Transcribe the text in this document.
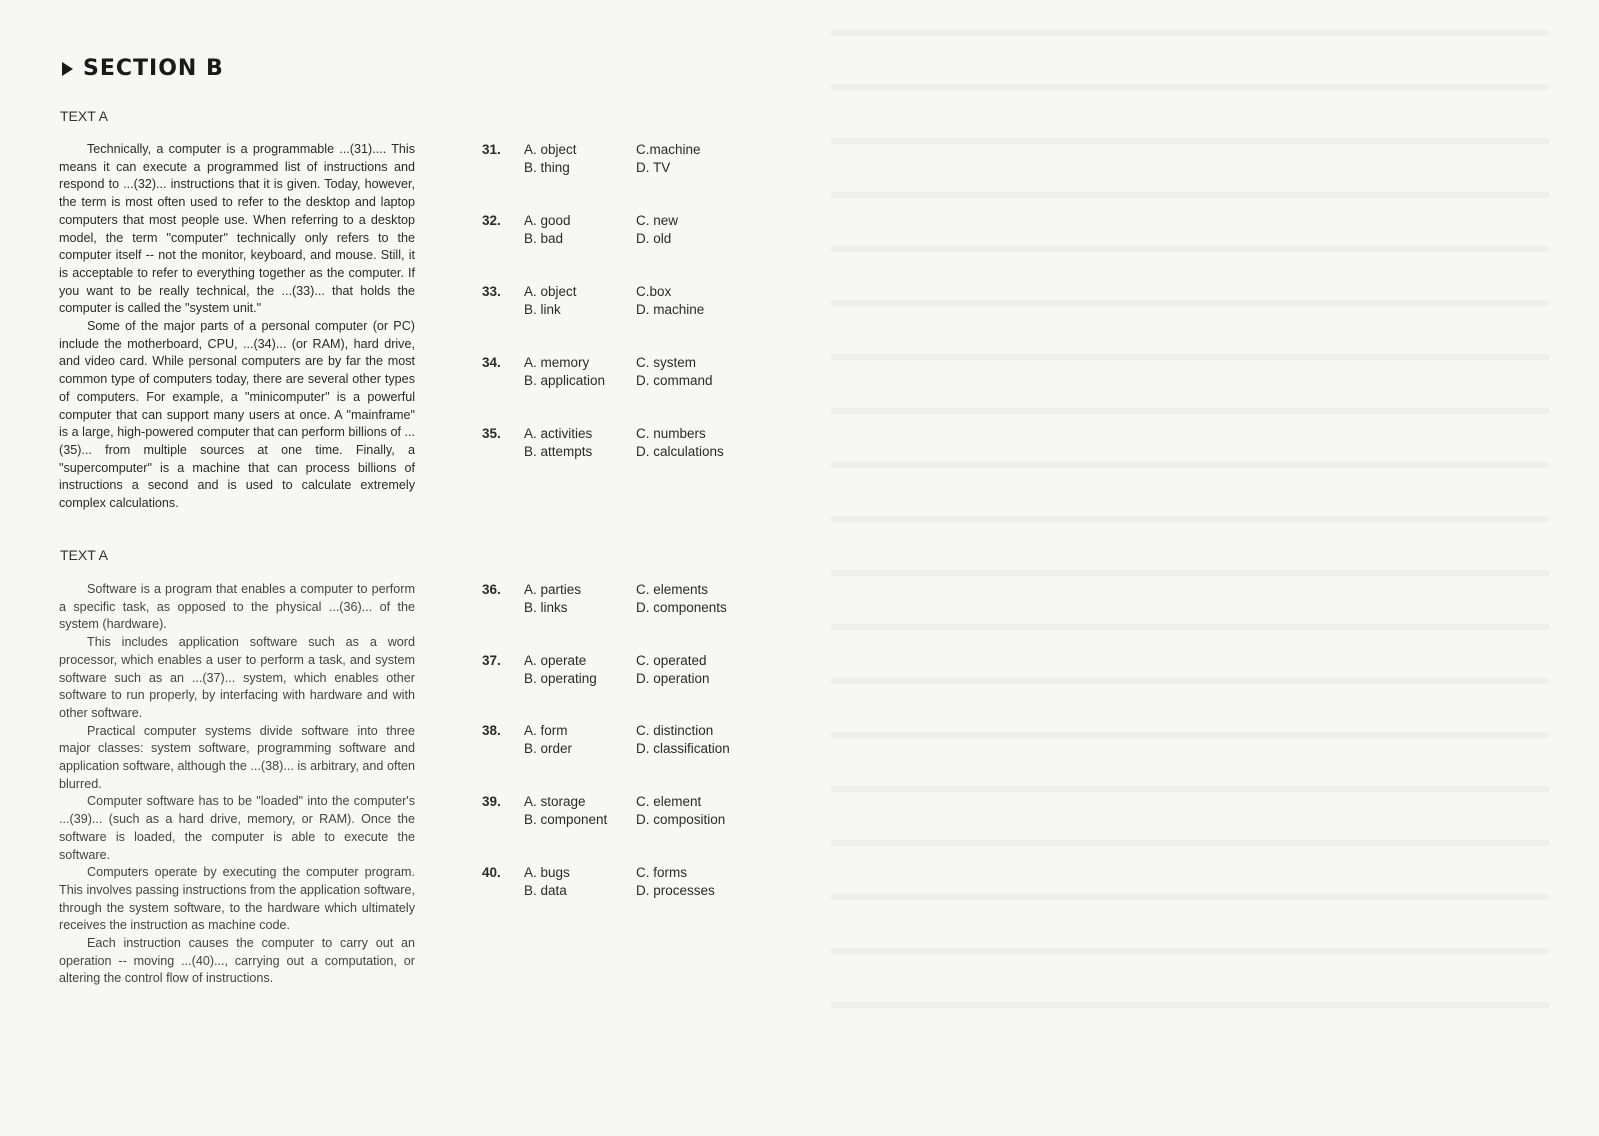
SECTION B
TEXT A

Technically, a computer is a programmable ...(31).... This means it can execute a programmed list of instructions and respond to ...(32)... instructions that it is given. Today, however, the term is most often used to refer to the desktop and laptop computers that most people use. When referring to a desktop model, the term "computer" technically only refers to the computer itself -- not the monitor, keyboard, and mouse. Still, it is acceptable to refer to everything together as the computer. If you want to be really technical, the ...(33)... that holds the computer is called the "system unit."

Some of the major parts of a personal computer (or PC) include the motherboard, CPU, ...(34)... (or RAM), hard drive, and video card. While personal computers are by far the most common type of computers today, there are several other types of computers. For example, a "minicomputer" is a powerful computer that can support many users at once. A "mainframe" is a large, high-powered computer that can perform billions of ...(35)... from multiple sources at one time. Finally, a "supercomputer" is a machine that can process billions of instructions a second and is used to calculate extremely complex calculations.

TEXT A

Software is a program that enables a computer to perform a specific task, as opposed to the physical ...(36)... of the system (hardware).

This includes application software such as a word processor, which enables a user to perform a task, and system software such as an ...(37)... system, which enables other software to run properly, by interfacing with hardware and with other software.

Practical computer systems divide software into three major classes: system software, programming software and application software, although the ...(38)... is arbitrary, and often blurred.

Computer software has to be "loaded" into the computer's ...(39)... (such as a hard drive, memory, or RAM). Once the software is loaded, the computer is able to execute the software.

Computers operate by executing the computer program. This involves passing instructions from the application software, through the system software, to the hardware which ultimately receives the instruction as machine code.

Each instruction causes the computer to carry out an operation -- moving ...(40)..., carrying out a computation, or altering the control flow of instructions.

31. A. object
B. thing
C.machine
D. TV
32. A. good
B. bad
C. new
D. old
33. A. object
B. link
C.box
D. machine
34. A. memory
B. application
C. system
D. command
35. A. activities
B. attempts
C. numbers
D. calculations
36. A. parties
B. links
C. elements
D. components
37. A. operate
B. operating
C. operated
D. operation
38. A. form
B. order
C. distinction
D. classification
39. A. storage
B. component
C. element
D. composition
40. A. bugs
B. data
C. forms
D. processes
